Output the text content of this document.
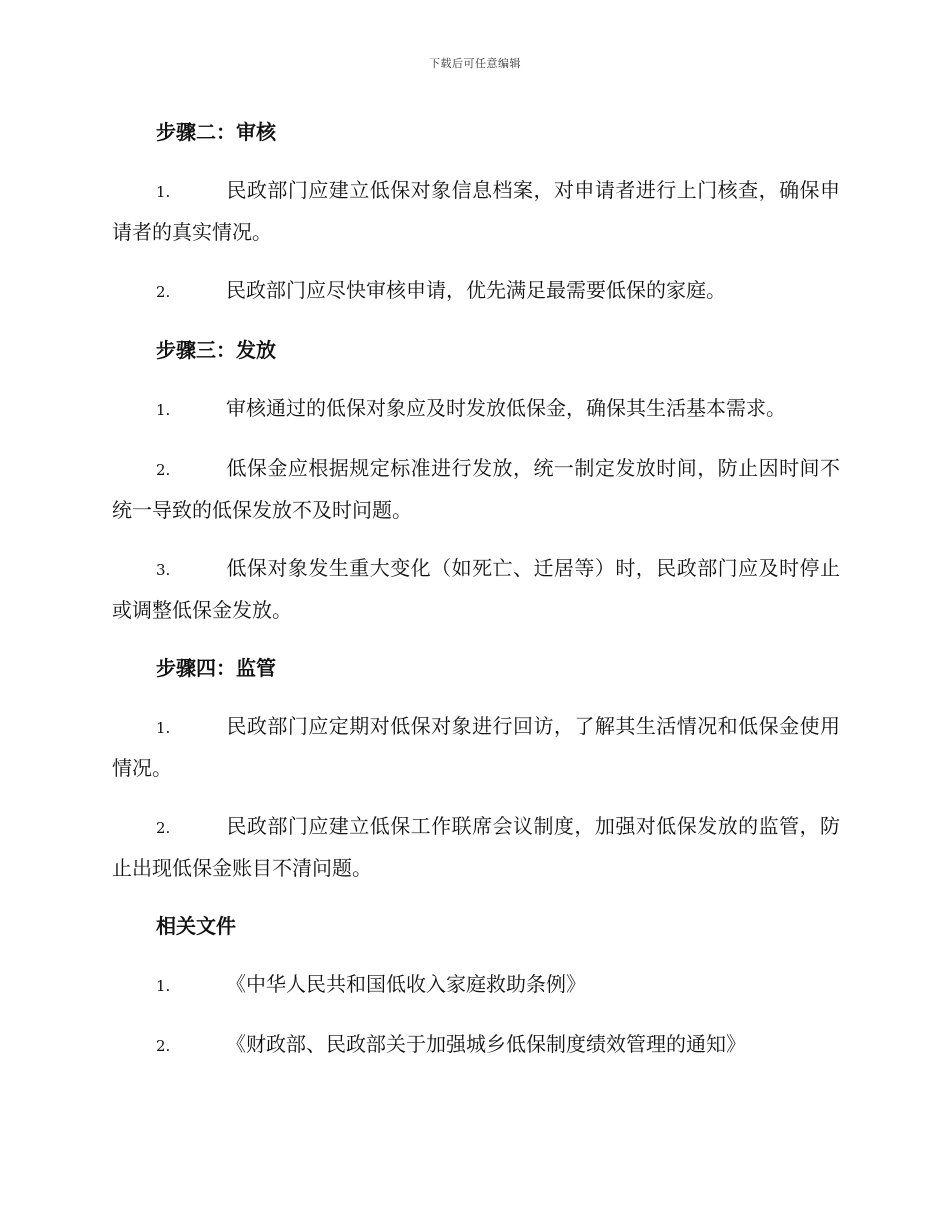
下载后可任意编辑
步骤二：审核

1.	民政部门应建立低保对象信息档案，对申请者进行上门核查，确保申请者的真实情况。

2.	民政部门应尽快审核申请，优先满足最需要低保的家庭。

步骤三：发放

1.	审核通过的低保对象应及时发放低保金，确保其生活基本需求。

2.	低保金应根据规定标准进行发放，统一制定发放时间，防止因时间不统一导致的低保发放不及时问题。

3.	低保对象发生重大变化（如死亡、迁居等）时，民政部门应及时停止或调整低保金发放。

步骤四：监管

1.	民政部门应定期对低保对象进行回访，了解其生活情况和低保金使用情况。

2.	民政部门应建立低保工作联席会议制度，加强对低保发放的监管，防止出现低保金账目不清问题。

相关文件

1.	《中华人民共和国低收入家庭救助条例》

2.	《财政部、民政部关于加强城乡低保制度绩效管理的通知》
